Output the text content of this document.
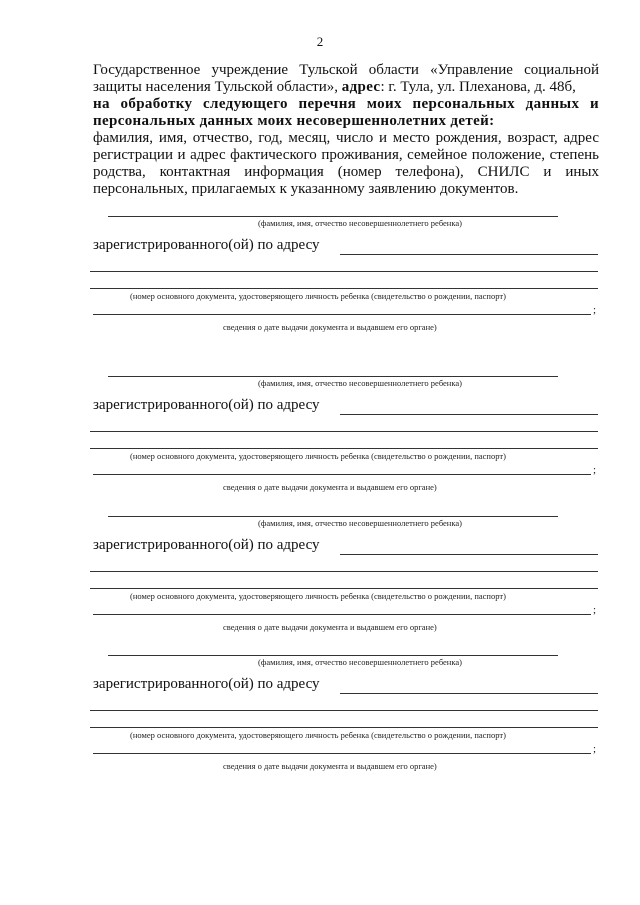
2

Государственное учреждение Тульской области «Управление социальной защиты населения Тульской области», адрес: г. Тула, ул. Плеханова, д. 48б,

на обработку следующего перечня моих персональных данных и персональных данных моих несовершеннолетних детей:

фамилия, имя, отчество, год, месяц, число и место рождения, возраст, адрес регистрации и адрес фактического проживания, семейное положение, степень родства, контактная информация (номер телефона), СНИЛС и иных персональных, прилагаемых к указанному заявлению документов.

(фамилия, имя, отчество несовершеннолетнего ребенка)
зарегистрированного(ой) по адресу
(номер основного документа, удостоверяющего личность ребенка (свидетельство о рождении, паспорт)
;
сведения о дате выдачи документа и выдавшем его органе)
(фамилия, имя, отчество несовершеннолетнего ребенка)
зарегистрированного(ой) по адресу
(номер основного документа, удостоверяющего личность ребенка (свидетельство о рождении, паспорт)
;
сведения о дате выдачи документа и выдавшем его органе)
(фамилия, имя, отчество несовершеннолетнего ребенка)
зарегистрированного(ой) по адресу
(номер основного документа, удостоверяющего личность ребенка (свидетельство о рождении, паспорт)
;
сведения о дате выдачи документа и выдавшем его органе)
(фамилия, имя, отчество несовершеннолетнего ребенка)
зарегистрированного(ой) по адресу
(номер основного документа, удостоверяющего личность ребенка (свидетельство о рождении, паспорт)
;
сведения о дате выдачи документа и выдавшем его органе)
